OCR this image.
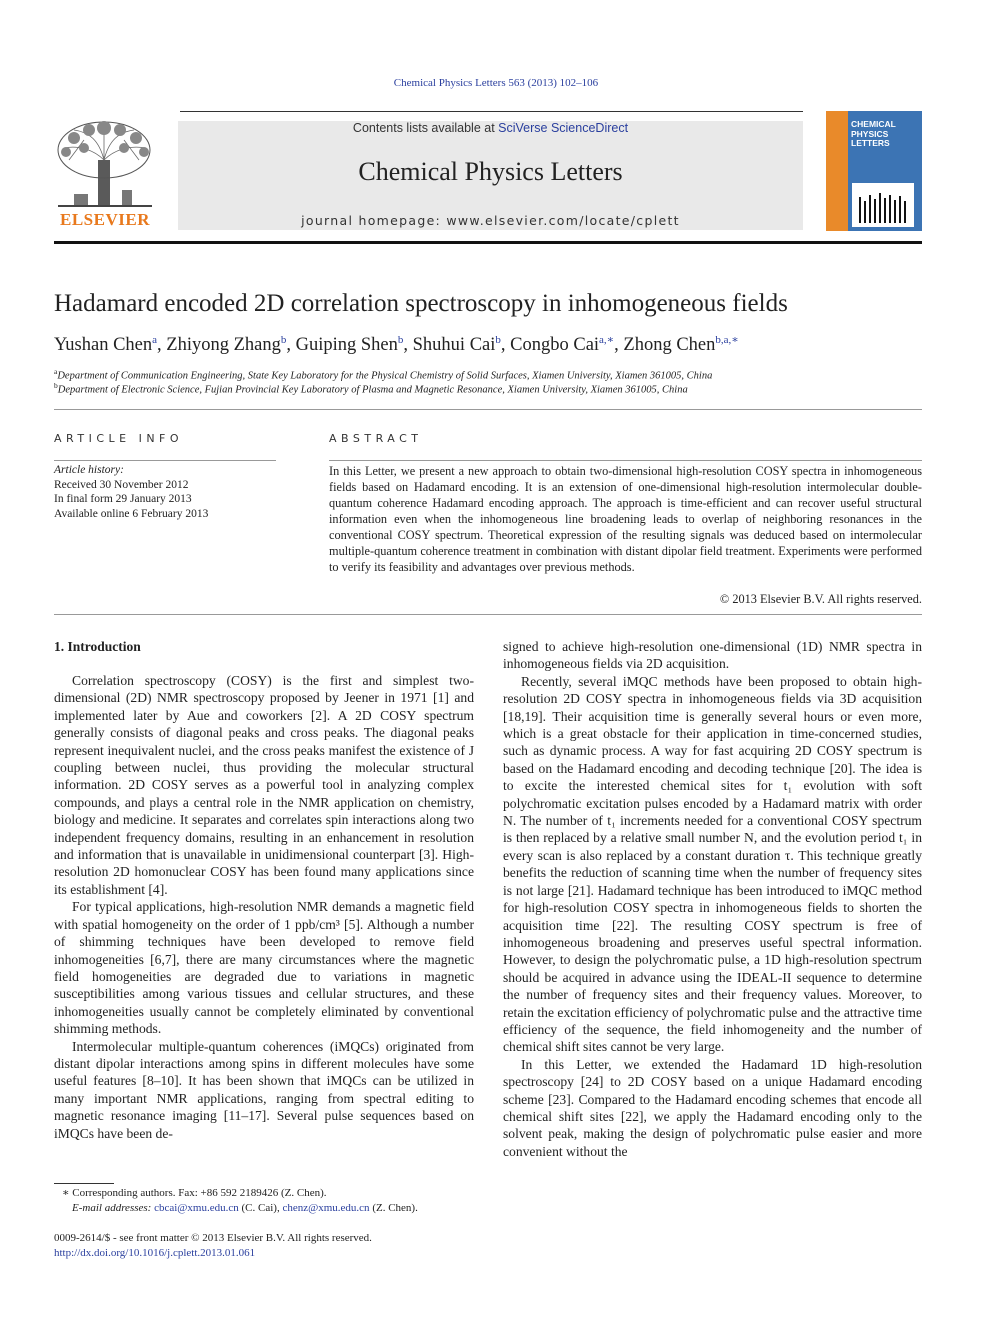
Chemical Physics Letters 563 (2013) 102–106
ELSEVIER
Contents lists available at SciVerse ScienceDirect
Chemical Physics Letters
journal homepage: www.elsevier.com/locate/cplett
CHEMICAL
PHYSICS
LETTERS
Hadamard encoded 2D correlation spectroscopy in inhomogeneous fields
Yushan Chen$^a$, Zhiyong Zhang$^b$, Guiping Shen$^b$, Shuhui Cai$^b$, Congbo Cai$^{a,∗}$, Zhong Chen$^{b,a,∗}$
$^a$Department of Communication Engineering, State Key Laboratory for the Physical Chemistry of Solid Surfaces, Xiamen University, Xiamen 361005, China
$^b$Department of Electronic Science, Fujian Provincial Key Laboratory of Plasma and Magnetic Resonance, Xiamen University, Xiamen 361005, China
ARTICLE INFO
Article history:
Received 30 November 2012
In final form 29 January 2013
Available online 6 February 2013
ABSTRACT
In this Letter, we present a new approach to obtain two-dimensional high-resolution COSY spectra in inhomogeneous fields based on Hadamard encoding. It is an extension of one-dimensional high-resolution intermolecular double-quantum coherence Hadamard encoding approach. The approach is time-efficient and can recover useful structural information even when the inhomogeneous line broadening leads to overlap of neighboring resonances in the conventional COSY spectrum. Theoretical expression of the resulting signals was deduced based on intermolecular multiple-quantum coherence treatment in combination with distant dipolar field treatment. Experiments were performed to verify its feasibility and advantages over previous methods.
© 2013 Elsevier B.V. All rights reserved.
1. Introduction

Correlation spectroscopy (COSY) is the first and simplest two-dimensional (2D) NMR spectroscopy proposed by Jeener in 1971 [1] and implemented later by Aue and coworkers [2]. A 2D COSY spectrum generally consists of diagonal peaks and cross peaks. The diagonal peaks represent inequivalent nuclei, and the cross peaks manifest the existence of J coupling between nuclei, thus providing the molecular structural information. 2D COSY serves as a powerful tool in analyzing complex compounds, and plays a central role in the NMR application on chemistry, biology and medicine. It separates and correlates spin interactions along two independent frequency domains, resulting in an enhancement in resolution and information that is unavailable in unidimensional counterpart [3]. High-resolution 2D homonuclear COSY has been found many applications since its establishment [4].

For typical applications, high-resolution NMR demands a magnetic field with spatial homogeneity on the order of 1 ppb/cm³ [5]. Although a number of shimming techniques have been developed to remove field inhomogeneities [6,7], there are many circumstances where the magnetic field homogeneities are degraded due to variations in magnetic susceptibilities among various tissues and cellular structures, and these inhomogeneities usually cannot be completely eliminated by conventional shimming methods.

Intermolecular multiple-quantum coherences (iMQCs) originated from distant dipolar interactions among spins in different molecules have some useful features [8–10]. It has been shown that iMQCs can be utilized in many important NMR applications, ranging from spectral editing to magnetic resonance imaging [11–17]. Several pulse sequences based on iMQCs have been de-

signed to achieve high-resolution one-dimensional (1D) NMR spectra in inhomogeneous fields via 2D acquisition.

Recently, several iMQC methods have been proposed to obtain high-resolution 2D COSY spectra in inhomogeneous fields via 3D acquisition [18,19]. Their acquisition time is generally several hours or even more, which is a great obstacle for their application in time-concerned studies, such as dynamic process. A way for fast acquiring 2D COSY spectrum is based on the Hadamard encoding and decoding technique [20]. The idea is to excite the interested chemical sites for t₁ evolution with soft polychromatic excitation pulses encoded by a Hadamard matrix with order N. The number of t₁ increments needed for a conventional COSY spectrum is then replaced by a relative small number N, and the evolution period t₁ in every scan is also replaced by a constant duration τ. This technique greatly benefits the reduction of scanning time when the number of frequency sites is not large [21]. Hadamard technique has been introduced to iMQC method for high-resolution COSY spectra in inhomogeneous fields to shorten the acquisition time [22]. The resulting COSY spectrum is free of inhomogeneous broadening and preserves useful spectral information. However, to design the polychromatic pulse, a 1D high-resolution spectrum should be acquired in advance using the IDEAL-II sequence to determine the number of frequency sites and their frequency values. Moreover, to retain the excitation efficiency of polychromatic pulse and the attractive time efficiency of the sequence, the field inhomogeneity and the number of chemical shift sites cannot be very large.

In this Letter, we extended the Hadamard 1D high-resolution spectroscopy [24] to 2D COSY based on a unique Hadamard encoding scheme [23]. Compared to the Hadamard encoding schemes that encode all chemical shift sites [22], we apply the Hadamard encoding only to the solvent peak, making the design of polychromatic pulse easier and more convenient without the

∗ Corresponding authors. Fax: +86 592 2189426 (Z. Chen).
E-mail addresses: cbcai@xmu.edu.cn (C. Cai), chenz@xmu.edu.cn (Z. Chen).
0009-2614/$ - see front matter © 2013 Elsevier B.V. All rights reserved.
http://dx.doi.org/10.1016/j.cplett.2013.01.061
